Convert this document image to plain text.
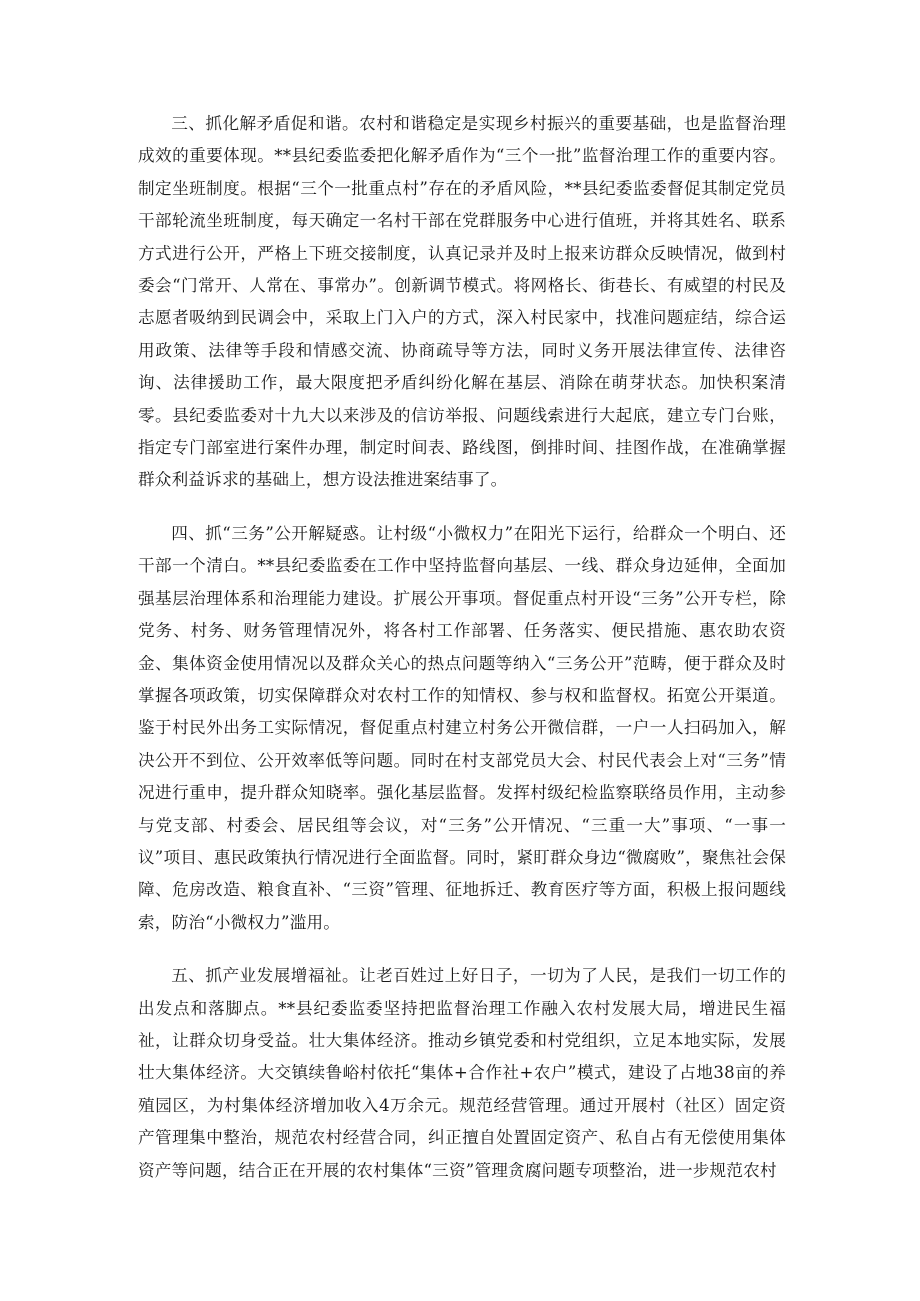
三、抓化解矛盾促和谐。农村和谐稳定是实现乡村振兴的重要基础，也是监督治理成效的重要体现。**县纪委监委把化解矛盾作为“三个一批”监督治理工作的重要内容。制定坐班制度。根据“三个一批重点村”存在的矛盾风险，**县纪委监委督促其制定党员干部轮流坐班制度，每天确定一名村干部在党群服务中心进行值班，并将其姓名、联系方式进行公开，严格上下班交接制度，认真记录并及时上报来访群众反映情况，做到村委会“门常开、人常在、事常办”。创新调节模式。将网格长、街巷长、有威望的村民及志愿者吸纳到民调会中，采取上门入户的方式，深入村民家中，找准问题症结，综合运用政策、法律等手段和情感交流、协商疏导等方法，同时义务开展法律宣传、法律咨询、法律援助工作，最大限度把矛盾纠纷化解在基层、消除在萌芽状态。加快积案清零。县纪委监委对十九大以来涉及的信访举报、问题线索进行大起底，建立专门台账，指定专门部室进行案件办理，制定时间表、路线图，倒排时间、挂图作战，在准确掌握群众利益诉求的基础上，想方设法推进案结事了。

四、抓“三务”公开解疑惑。让村级“小微权力”在阳光下运行，给群众一个明白、还干部一个清白。**县纪委监委在工作中坚持监督向基层、一线、群众身边延伸，全面加强基层治理体系和治理能力建设。扩展公开事项。督促重点村开设“三务”公开专栏，除党务、村务、财务管理情况外，将各村工作部署、任务落实、便民措施、惠农助农资金、集体资金使用情况以及群众关心的热点问题等纳入“三务公开”范畴，便于群众及时掌握各项政策，切实保障群众对农村工作的知情权、参与权和监督权。拓宽公开渠道。鉴于村民外出务工实际情况，督促重点村建立村务公开微信群，一户一人扫码加入，解决公开不到位、公开效率低等问题。同时在村支部党员大会、村民代表会上对“三务”情况进行重申，提升群众知晓率。强化基层监督。发挥村级纪检监察联络员作用，主动参与党支部、村委会、居民组等会议，对“三务”公开情况、“三重一大”事项、“一事一议”项目、惠民政策执行情况进行全面监督。同时，紧盯群众身边“微腐败”，聚焦社会保障、危房改造、粮食直补、“三资”管理、征地拆迁、教育医疗等方面，积极上报问题线索，防治“小微权力”滥用。

五、抓产业发展增福祉。让老百姓过上好日子，一切为了人民，是我们一切工作的出发点和落脚点。**县纪委监委坚持把监督治理工作融入农村发展大局，增进民生福祉，让群众切身受益。壮大集体经济。推动乡镇党委和村党组织，立足本地实际，发展壮大集体经济。大交镇续鲁峪村依托“集体+合作社+农户”模式，建设了占地38亩的养殖园区，为村集体经济增加收入4万余元。规范经营管理。通过开展村（社区）固定资产管理集中整治，规范农村经营合同，纠正擅自处置固定资产、私自占有无偿使用集体资产等问题，结合正在开展的农村集体“三资”管理贪腐问题专项整治，进一步规范农村
